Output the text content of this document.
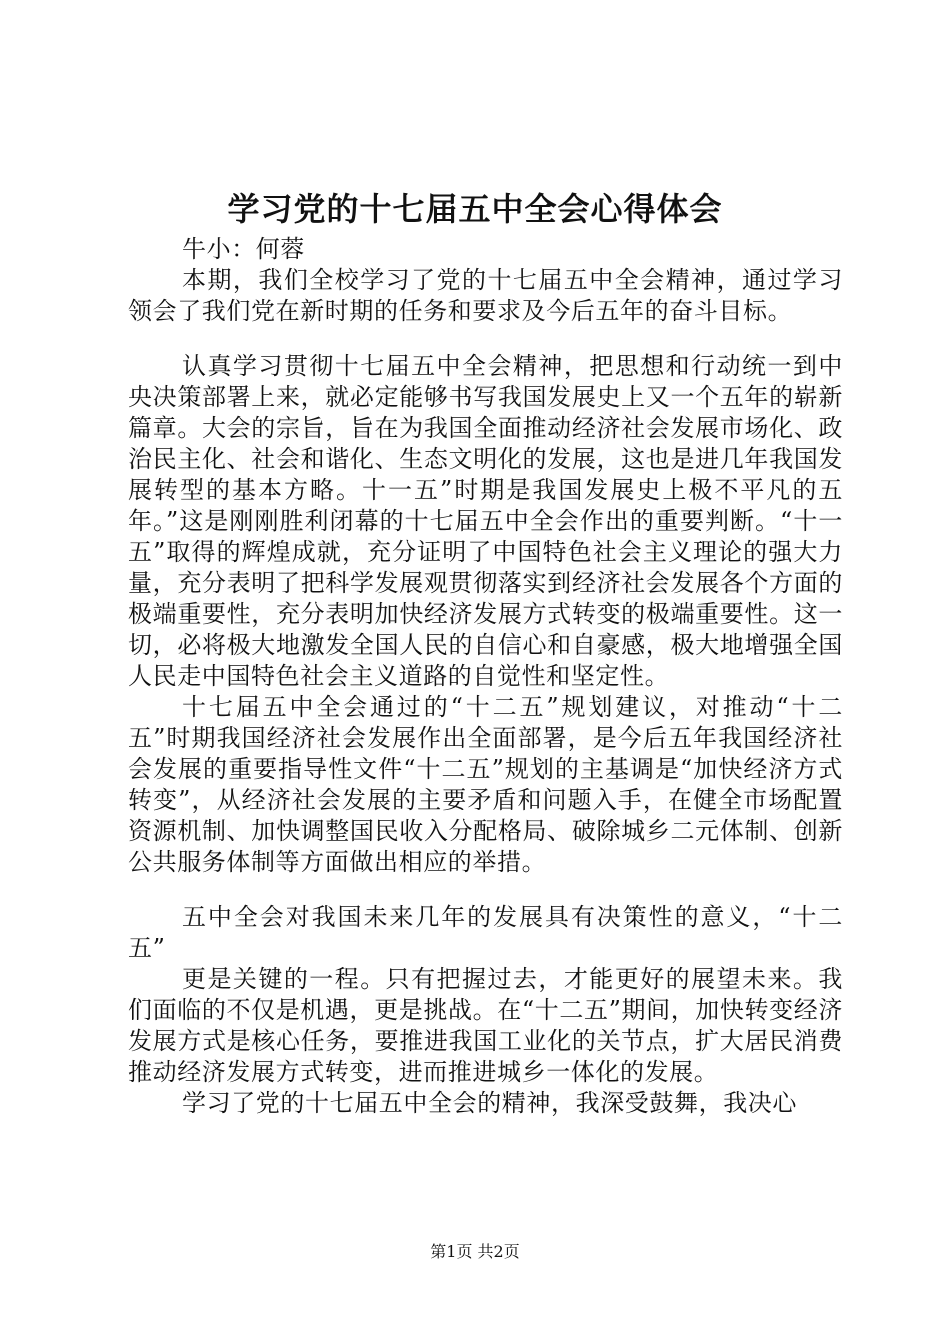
学习党的十七届五中全会心得体会

牛小：何蓉

本期，我们全校学习了党的十七届五中全会精神，通过学习领会了我们党在新时期的任务和要求及今后五年的奋斗目标。

认真学习贯彻十七届五中全会精神，把思想和行动统一到中央决策部署上来，就必定能够书写我国发展史上又一个五年的崭新篇章。大会的宗旨，旨在为我国全面推动经济社会发展市场化、政治民主化、社会和谐化、生态文明化的发展，这也是进几年我国发展转型的基本方略。十一五”时期是我国发展史上极不平凡的五年。”这是刚刚胜利闭幕的十七届五中全会作出的重要判断。“十一五”取得的辉煌成就，充分证明了中国特色社会主义理论的强大力量，充分表明了把科学发展观贯彻落实到经济社会发展各个方面的极端重要性，充分表明加快经济发展方式转变的极端重要性。这一切，必将极大地激发全国人民的自信心和自豪感，极大地增强全国人民走中国特色社会主义道路的自觉性和坚定性。

十七届五中全会通过的“十二五”规划建议，对推动“十二五”时期我国经济社会发展作出全面部署，是今后五年我国经济社会发展的重要指导性文件“十二五”规划的主基调是“加快经济方式转变”，从经济社会发展的主要矛盾和问题入手，在健全市场配置资源机制、加快调整国民收入分配格局、破除城乡二元体制、创新公共服务体制等方面做出相应的举措。

五中全会对我国未来几年的发展具有决策性的意义，“十二五”

更是关键的一程。只有把握过去，才能更好的展望未来。我们面临的不仅是机遇，更是挑战。在“十二五”期间，加快转变经济发展方式是核心任务，要推进我国工业化的关节点，扩大居民消费推动经济发展方式转变，进而推进城乡一体化的发展。

学习了党的十七届五中全会的精神，我深受鼓舞，我决心

第1页 共2页
